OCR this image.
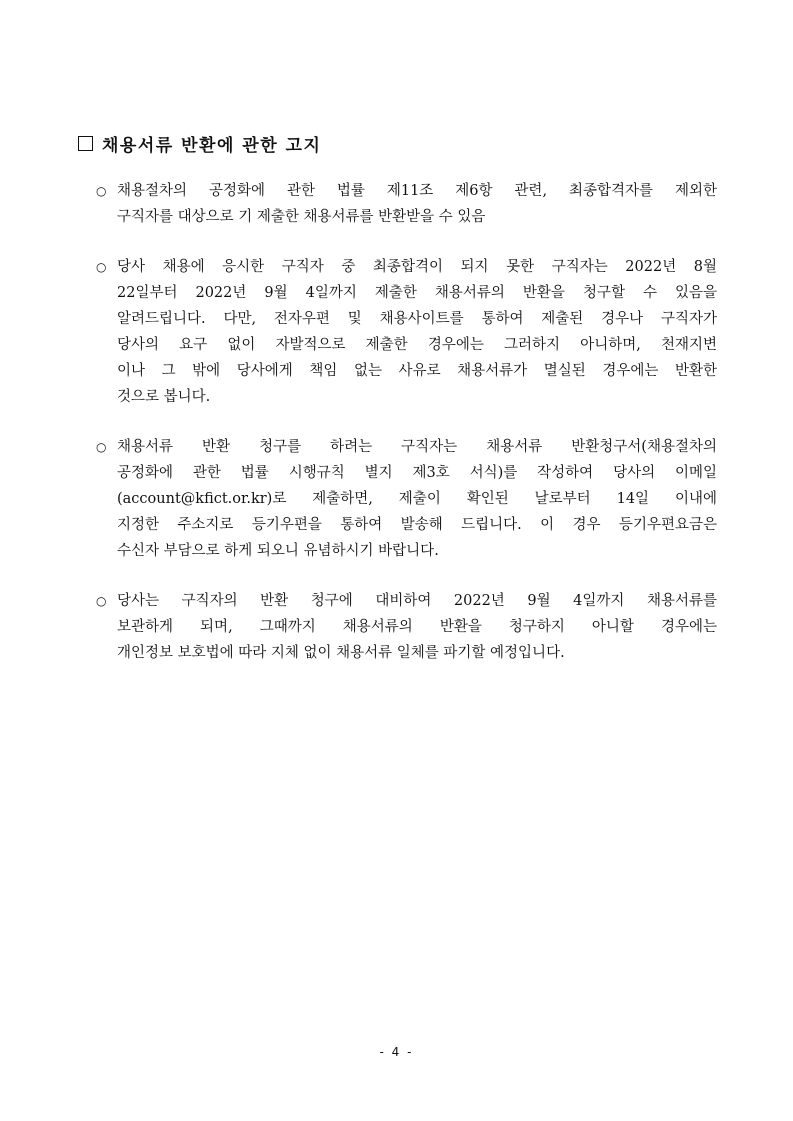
채용서류 반환에 관한 고지
○ 채용절차의 공정화에 관한 법률 제11조 제6항 관련, 최종합격자를 제외한
구직자를 대상으로 기 제출한 채용서류를 반환받을 수 있음
○ 당사 채용에 응시한 구직자 중 최종합격이 되지 못한 구직자는 2022년 8월
22일부터 2022년 9월 4일까지 제출한 채용서류의 반환을 청구할 수 있음을
알려드립니다. 다만, 전자우편 및 채용사이트를 통하여 제출된 경우나 구직자가
당사의 요구 없이 자발적으로 제출한 경우에는 그러하지 아니하며, 천재지변
이나 그 밖에 당사에게 책임 없는 사유로 채용서류가 멸실된 경우에는 반환한
것으로 봅니다.
○ 채용서류 반환 청구를 하려는 구직자는 채용서류 반환청구서(채용절차의
공정화에 관한 법률 시행규칙 별지 제3호 서식)를 작성하여 당사의 이메일
(account@kfict.or.kr)로 제출하면, 제출이 확인된 날로부터 14일 이내에
지정한 주소지로 등기우편을 통하여 발송해 드립니다. 이 경우 등기우편요금은
수신자 부담으로 하게 되오니 유념하시기 바랍니다.
○ 당사는 구직자의 반환 청구에 대비하여 2022년 9월 4일까지 채용서류를
보관하게 되며, 그때까지 채용서류의 반환을 청구하지 아니할 경우에는
개인정보 보호법에 따라 지체 없이 채용서류 일체를 파기할 예정입니다.
- 4 -
